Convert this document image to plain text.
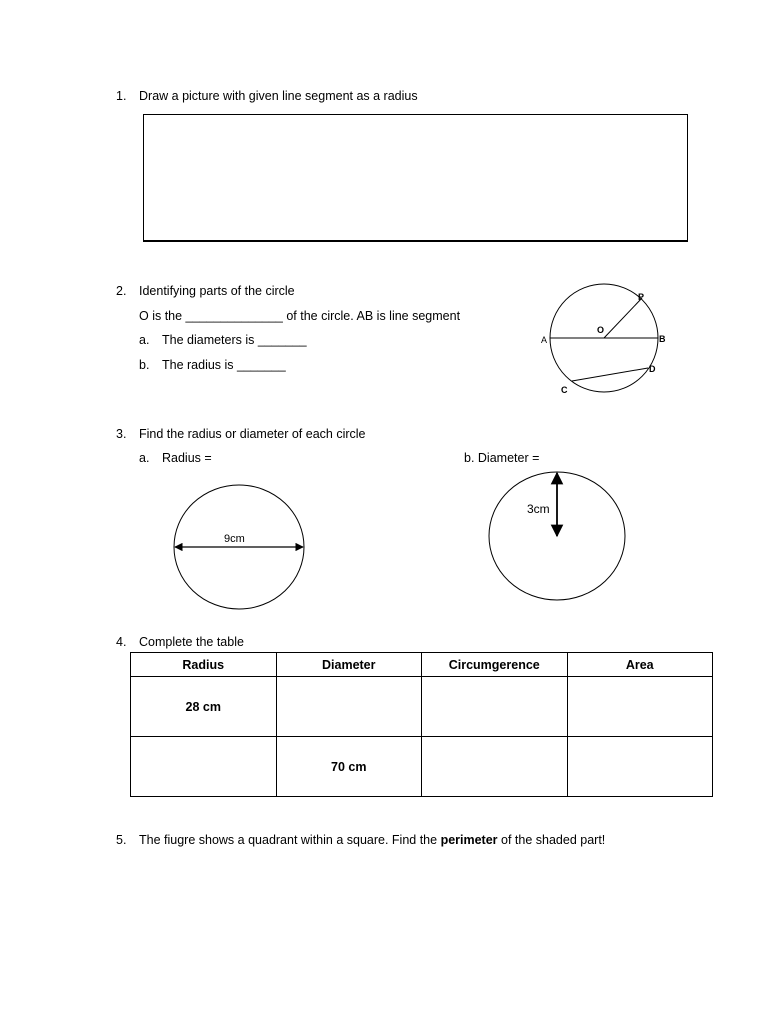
1.	Draw a picture with given line segment as a radius
2.	Identifying parts of the circle
O is the ______________ of the circle. AB is line segment
a. The diameters is _______
b. The radius is _______
P
O
A	B
C
D
3.	Find the radius or diameter of each circle
a. Radius =	b. Diameter =
9cm
3cm
4.	Complete the table
Radius	Diameter	Circumgerence	Area
28 cm			
	70 cm		
5.	The fiugre shows a quadrant within a square. Find the perimeter of the shaded part!
